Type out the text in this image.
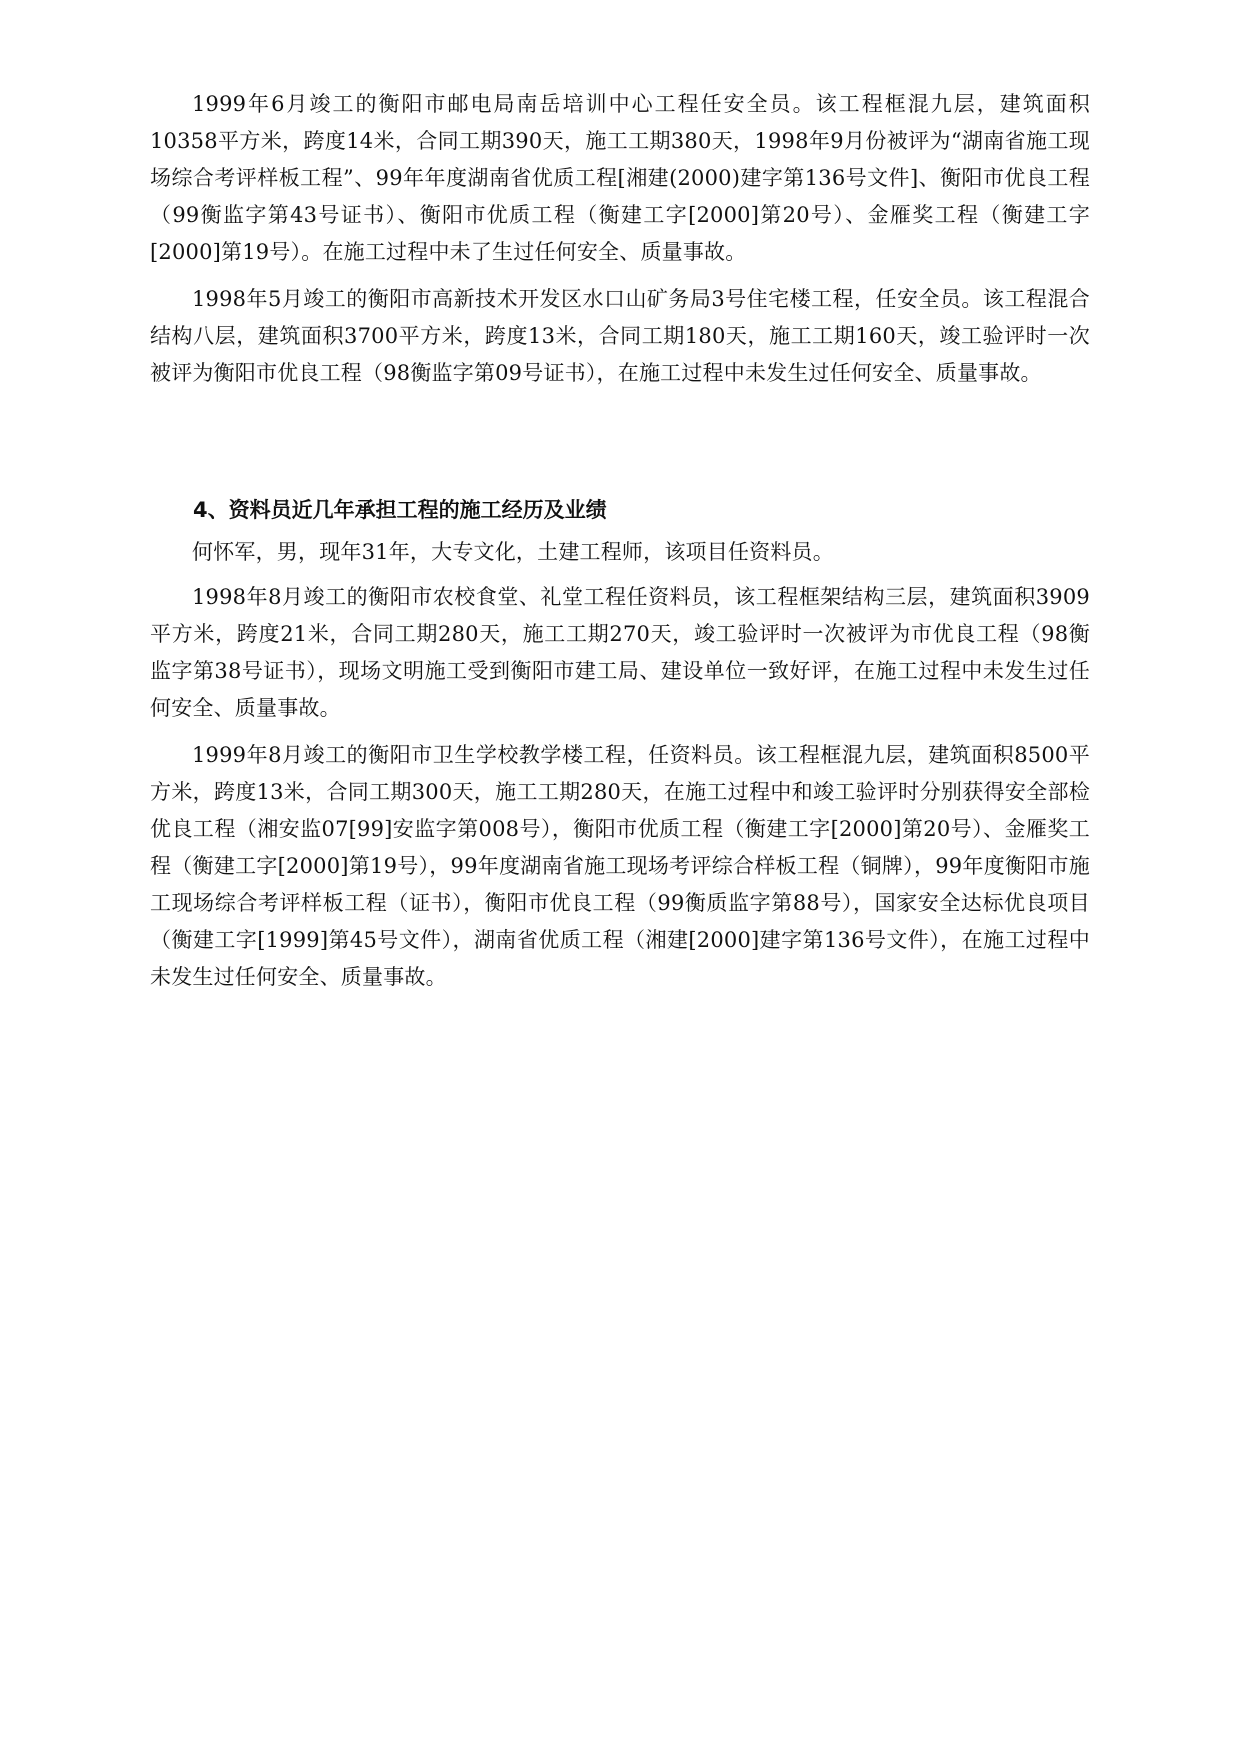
1999年6月竣工的衡阳市邮电局南岳培训中心工程任安全员。该工程框混九层，建筑面积10358平方米，跨度14米，合同工期390天，施工工期380天，1998年9月份被评为“湖南省施工现场综合考评样板工程”、99年年度湖南省优质工程[湘建(2000)建字第136号文件]、衡阳市优良工程（99衡监字第43号证书）、衡阳市优质工程（衡建工字[2000]第20号）、金雁奖工程（衡建工字[2000]第19号）。在施工过程中未了生过任何安全、质量事故。

1998年5月竣工的衡阳市高新技术开发区水口山矿务局3号住宅楼工程，任安全员。该工程混合结构八层，建筑面积3700平方米，跨度13米，合同工期180天，施工工期160天，竣工验评时一次被评为衡阳市优良工程（98衡监字第09号证书），在施工过程中未发生过任何安全、质量事故。

4、资料员近几年承担工程的施工经历及业绩

何怀军，男，现年31年，大专文化，土建工程师，该项目任资料员。

1998年8月竣工的衡阳市农校食堂、礼堂工程任资料员，该工程框架结构三层，建筑面积3909平方米，跨度21米，合同工期280天，施工工期270天，竣工验评时一次被评为市优良工程（98衡监字第38号证书），现场文明施工受到衡阳市建工局、建设单位一致好评，在施工过程中未发生过任何安全、质量事故。

1999年8月竣工的衡阳市卫生学校教学楼工程，任资料员。该工程框混九层，建筑面积8500平方米，跨度13米，合同工期300天，施工工期280天，在施工过程中和竣工验评时分别获得安全部检优良工程（湘安监07[99]安监字第008号），衡阳市优质工程（衡建工字[2000]第20号）、金雁奖工程（衡建工字[2000]第19号），99年度湖南省施工现场考评综合样板工程（铜牌），99年度衡阳市施工现场综合考评样板工程（证书），衡阳市优良工程（99衡质监字第88号），国家安全达标优良项目（衡建工字[1999]第45号文件），湖南省优质工程（湘建[2000]建字第136号文件），在施工过程中未发生过任何安全、质量事故。
